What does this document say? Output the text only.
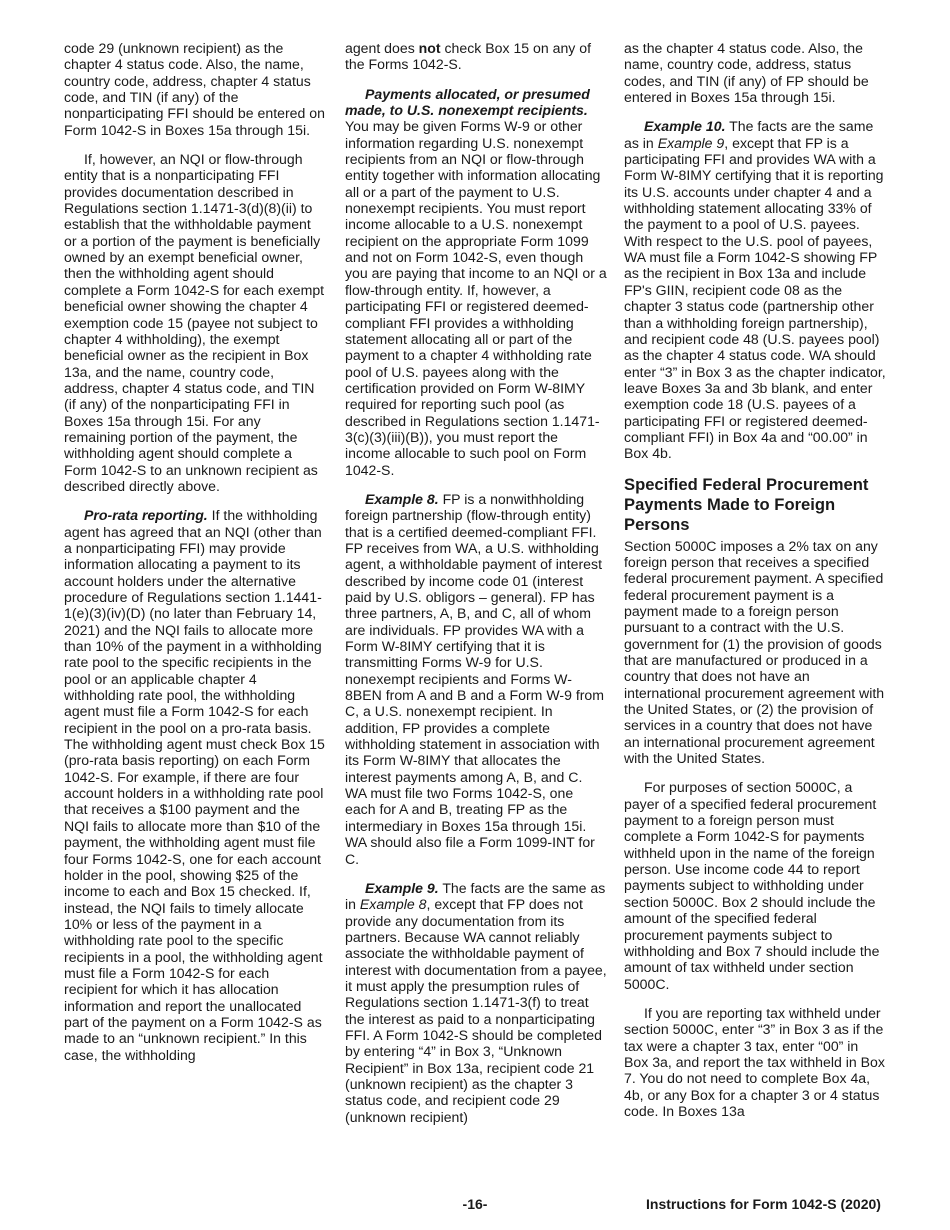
code 29 (unknown recipient) as the chapter 4 status code. Also, the name, country code, address, chapter 4 status code, and TIN (if any) of the nonparticipating FFI should be entered on Form 1042-S in Boxes 15a through 15i.

If, however, an NQI or flow-through entity that is a nonparticipating FFI provides documentation described in Regulations section 1.1471-3(d)(8)(ii) to establish that the withholdable payment or a portion of the payment is beneficially owned by an exempt beneficial owner, then the withholding agent should complete a Form 1042-S for each exempt beneficial owner showing the chapter 4 exemption code 15 (payee not subject to chapter 4 withholding), the exempt beneficial owner as the recipient in Box 13a, and the name, country code, address, chapter 4 status code, and TIN (if any) of the nonparticipating FFI in Boxes 15a through 15i. For any remaining portion of the payment, the withholding agent should complete a Form 1042-S to an unknown recipient as described directly above.

Pro-rata reporting. If the withholding agent has agreed that an NQI (other than a nonparticipating FFI) may provide information allocating a payment to its account holders under the alternative procedure of Regulations section 1.1441-1(e)(3)(iv)(D) (no later than February 14, 2021) and the NQI fails to allocate more than 10% of the payment in a withholding rate pool to the specific recipients in the pool or an applicable chapter 4 withholding rate pool, the withholding agent must file a Form 1042-S for each recipient in the pool on a pro-rata basis. The withholding agent must check Box 15 (pro-rata basis reporting) on each Form 1042-S. For example, if there are four account holders in a withholding rate pool that receives a $100 payment and the NQI fails to allocate more than $10 of the payment, the withholding agent must file four Forms 1042-S, one for each account holder in the pool, showing $25 of the income to each and Box 15 checked. If, instead, the NQI fails to timely allocate 10% or less of the payment in a withholding rate pool to the specific recipients in a pool, the withholding agent must file a Form 1042-S for each recipient for which it has allocation information and report the unallocated part of the payment on a Form 1042-S as made to an “unknown recipient.” In this case, the withholding

agent does not check Box 15 on any of the Forms 1042-S.

Payments allocated, or presumed made, to U.S. nonexempt recipients. You may be given Forms W-9 or other information regarding U.S. nonexempt recipients from an NQI or flow-through entity together with information allocating all or a part of the payment to U.S. nonexempt recipients. You must report income allocable to a U.S. nonexempt recipient on the appropriate Form 1099 and not on Form 1042-S, even though you are paying that income to an NQI or a flow-through entity. If, however, a participating FFI or registered deemed-compliant FFI provides a withholding statement allocating all or part of the payment to a chapter 4 withholding rate pool of U.S. payees along with the certification provided on Form W-8IMY required for reporting such pool (as described in Regulations section 1.1471-3(c)(3)(iii)(B)), you must report the income allocable to such pool on Form 1042-S.

Example 8. FP is a nonwithholding foreign partnership (flow-through entity) that is a certified deemed-compliant FFI. FP receives from WA, a U.S. withholding agent, a withholdable payment of interest described by income code 01 (interest paid by U.S. obligors – general). FP has three partners, A, B, and C, all of whom are individuals. FP provides WA with a Form W-8IMY certifying that it is transmitting Forms W-9 for U.S. nonexempt recipients and Forms W-8BEN from A and B and a Form W-9 from C, a U.S. nonexempt recipient. In addition, FP provides a complete withholding statement in association with its Form W-8IMY that allocates the interest payments among A, B, and C. WA must file two Forms 1042-S, one each for A and B, treating FP as the intermediary in Boxes 15a through 15i. WA should also file a Form 1099-INT for C.

Example 9. The facts are the same as in Example 8, except that FP does not provide any documentation from its partners. Because WA cannot reliably associate the withholdable payment of interest with documentation from a payee, it must apply the presumption rules of Regulations section 1.1471-3(f) to treat the interest as paid to a nonparticipating FFI. A Form 1042-S should be completed by entering “4” in Box 3, “Unknown Recipient” in Box 13a, recipient code 21 (unknown recipient) as the chapter 3 status code, and recipient code 29 (unknown recipient)

as the chapter 4 status code. Also, the name, country code, address, status codes, and TIN (if any) of FP should be entered in Boxes 15a through 15i.

Example 10. The facts are the same as in Example 9, except that FP is a participating FFI and provides WA with a Form W-8IMY certifying that it is reporting its U.S. accounts under chapter 4 and a withholding statement allocating 33% of the payment to a pool of U.S. payees. With respect to the U.S. pool of payees, WA must file a Form 1042-S showing FP as the recipient in Box 13a and include FP's GIIN, recipient code 08 as the chapter 3 status code (partnership other than a withholding foreign partnership), and recipient code 48 (U.S. payees pool) as the chapter 4 status code. WA should enter “3” in Box 3 as the chapter indicator, leave Boxes 3a and 3b blank, and enter exemption code 18 (U.S. payees of a participating FFI or registered deemed-compliant FFI) in Box 4a and “00.00” in Box 4b.

Specified Federal Procurement Payments Made to Foreign Persons

Section 5000C imposes a 2% tax on any foreign person that receives a specified federal procurement payment. A specified federal procurement payment is a payment made to a foreign person pursuant to a contract with the U.S. government for (1) the provision of goods that are manufactured or produced in a country that does not have an international procurement agreement with the United States, or (2) the provision of services in a country that does not have an international procurement agreement with the United States.

For purposes of section 5000C, a payer of a specified federal procurement payment to a foreign person must complete a Form 1042-S for payments withheld upon in the name of the foreign person. Use income code 44 to report payments subject to withholding under section 5000C. Box 2 should include the amount of the specified federal procurement payments subject to withholding and Box 7 should include the amount of tax withheld under section 5000C.

If you are reporting tax withheld under section 5000C, enter “3” in Box 3 as if the tax were a chapter 3 tax, enter “00” in Box 3a, and report the tax withheld in Box 7. You do not need to complete Box 4a, 4b, or any Box for a chapter 3 or 4 status code. In Boxes 13a

-16-	Instructions for Form 1042-S (2020)
